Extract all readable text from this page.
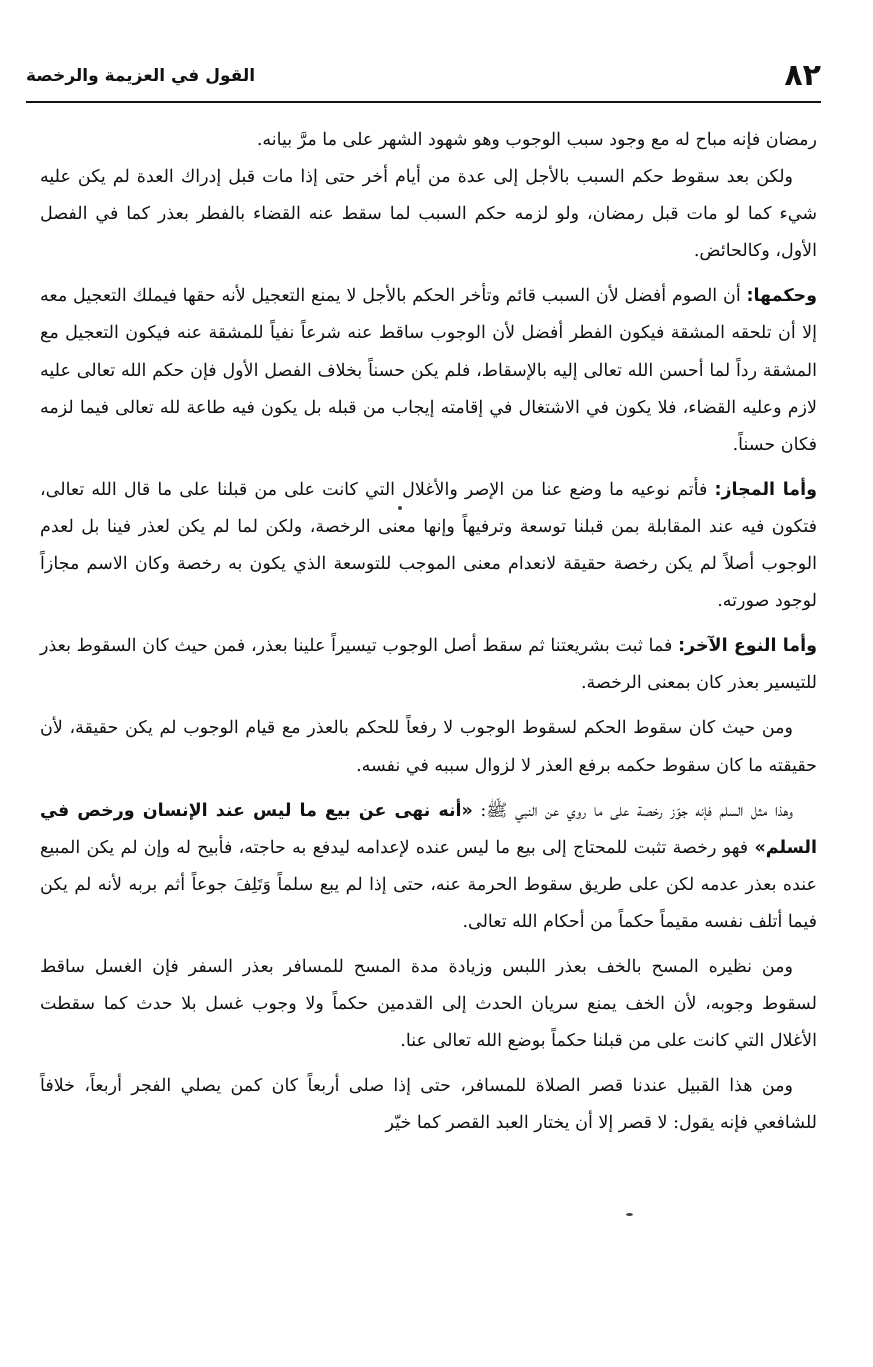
٨٢
القول في العزيمة والرخصة

رمضان فإنه مباح له مع وجود سبب الوجوب وهو شهود الشهر على ما مرَّ بيانه.

ولكن بعد سقوط حكم السبب بالأجل إلى عدة من أيام أخر حتى إذا مات قبل إدراك العدة لم يكن عليه شيء كما لو مات قبل رمضان، ولو لزمه حكم السبب لما سقط عنه القضاء بالفطر بعذر كما في الفصل الأول، وكالحائض.

وحكمها: أن الصوم أفضل لأن السبب قائم وتأخر الحكم بالأجل لا يمنع التعجيل لأنه حقها فيملك التعجيل معه إلا أن تلحقه المشقة فيكون الفطر أفضل لأن الوجوب ساقط عنه شرعاً نفياً للمشقة عنه فيكون التعجيل مع المشقة رداً لما أحسن الله تعالى إليه بالإسقاط، فلم يكن حسناً بخلاف الفصل الأول فإن حكم الله تعالى عليه لازم وعليه القضاء، فلا يكون في الاشتغال في إقامته إيجاب من قبله بل يكون فيه طاعة لله تعالى فيما لزمه فكان حسناً.

وأما المجاز: فأتم نوعيه ما وضع عنا من الإصر والأغلال التي كانت على من قبلنا على ما قال الله تعالى، فتكون فيه عند المقابلة بمن قبلنا توسعة وترفيهاً وإنها معنى الرخصة، ولكن لما لم يكن لعذر فينا بل لعدم الوجوب أصلاً لم يكن رخصة حقيقة لانعدام معنى الموجب للتوسعة الذي يكون به رخصة وكان الاسم مجازاً لوجود صورته.

وأما النوع الآخر: فما ثبت بشريعتنا ثم سقط أصل الوجوب تيسيراً علينا بعذر، فمن حيث كان السقوط بعذر للتيسير بعذر كان بمعنى الرخصة.

ومن حيث كان سقوط الحكم لسقوط الوجوب لا رفعاً للحكم بالعذر مع قيام الوجوب لم يكن حقيقة، لأن حقيقته ما كان سقوط حكمه برفع العذر لا لزوال سببه في نفسه.

وهذا مثل السلم فإنه جوّز رخصة على ما روي عن النبي ﷺ: «أنه نهى عن بيع ما ليس عند الإنسان ورخص في السلم» فهو رخصة تثبت للمحتاج إلى بيع ما ليس عنده لإعدامه ليدفع به حاجته، فأبيح له وإن لم يكن المبيع عنده بعذر عدمه لكن على طريق سقوط الحرمة عنه، حتى إذا لم يبع سلماً وَتَلِفَ جوعاً أثم بربه لأنه لم يكن فيما أتلف نفسه مقيماً حكماً من أحكام الله تعالى.

ومن نظيره المسح بالخف بعذر اللبس وزيادة مدة المسح للمسافر بعذر السفر فإن الغسل ساقط لسقوط وجوبه، لأن الخف يمنع سريان الحدث إلى القدمين حكماً ولا وجوب غسل بلا حدث كما سقطت الأغلال التي كانت على من قبلنا حكماً بوضع الله تعالى عنا.

ومن هذا القبيل عندنا قصر الصلاة للمسافر، حتى إذا صلى أربعاً كان كمن يصلي الفجر أربعاً، خلافاً للشافعي فإنه يقول: لا قصر إلا أن يختار العبد القصر كما خيّر
